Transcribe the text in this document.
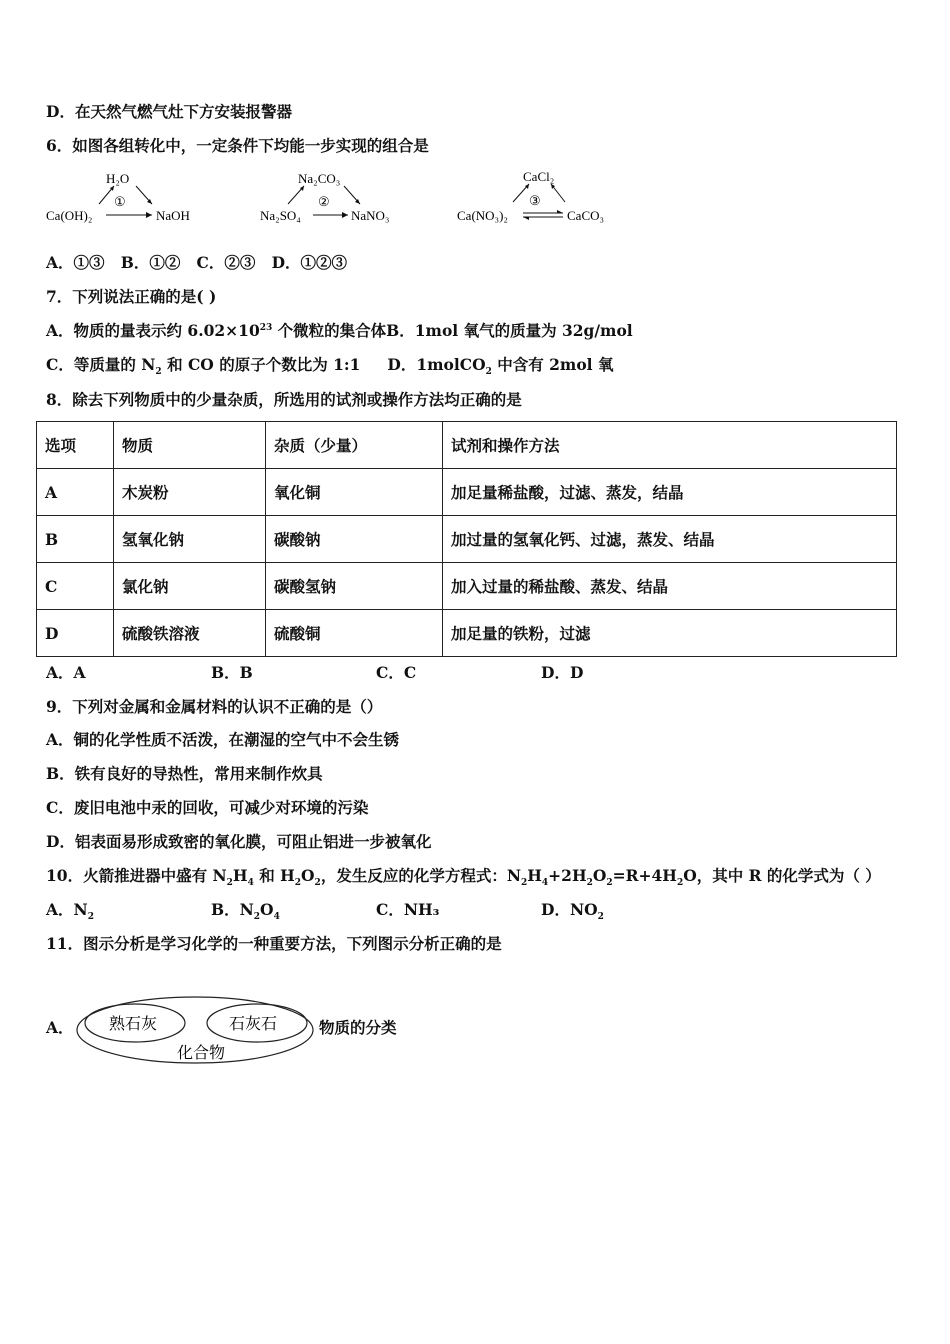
D．在天然气燃气灶下方安装报警器
6．如图各组转化中，一定条件下均能一步实现的组合是
H₂O
Ca(OH)₂	NaOH
①
Na₂CO₃
Na₂SO₄	NaNO₃
②
CaCl₂
Ca(NO₃)₂	CaCO₃
③
A．①③ B．①② C．②③ D．①②③
7．下列说法正确的是( )
A．物质的量表示约 $6.02\times 10^{23}$ 个微粒的集合体B．1mol 氧气的质量为 32g/mol
C．等质量的 $N_2$ 和 CO 的原子个数比为 1:1 D．1molCO$_2$ 中含有 2mol 氧
8．除去下列物质中的少量杂质，所选用的试剂或操作方法均正确的是
选项	物质	杂质（少量）	试剂和操作方法
A	木炭粉	氧化铜	加足量稀盐酸，过滤、蒸发，结晶
B	氢氧化钠	碳酸钠	加过量的氢氧化钙、过滤，蒸发、结晶
C	氯化钠	碳酸氢钠	加入过量的稀盐酸、蒸发、结晶
D	硫酸铁溶液	硫酸铜	加足量的铁粉，过滤
A．A	B．B	C．C	D．D
9．下列对金属和金属材料的认识不正确的是（）
A．铜的化学性质不活泼，在潮湿的空气中不会生锈
B．铁有良好的导热性，常用来制作炊具
C．废旧电池中汞的回收，可减少对环境的污染
D．铝表面易形成致密的氧化膜，可阻止铝进一步被氧化
10．火箭推进器中盛有 $N_2H_4$ 和 $H_2O_2$，发生反应的化学方程式：$N_2H_4+2H_2O_2=R+4H_2O$，其中 R 的化学式为（ ）
A．$N_2$	B．$N_2O_4$	C．NH₃	D．$NO_2$
11．图示分析是学习化学的一种重要方法，下列图示分析正确的是
A． 熟石灰	石灰石
化合物
物质的分类
